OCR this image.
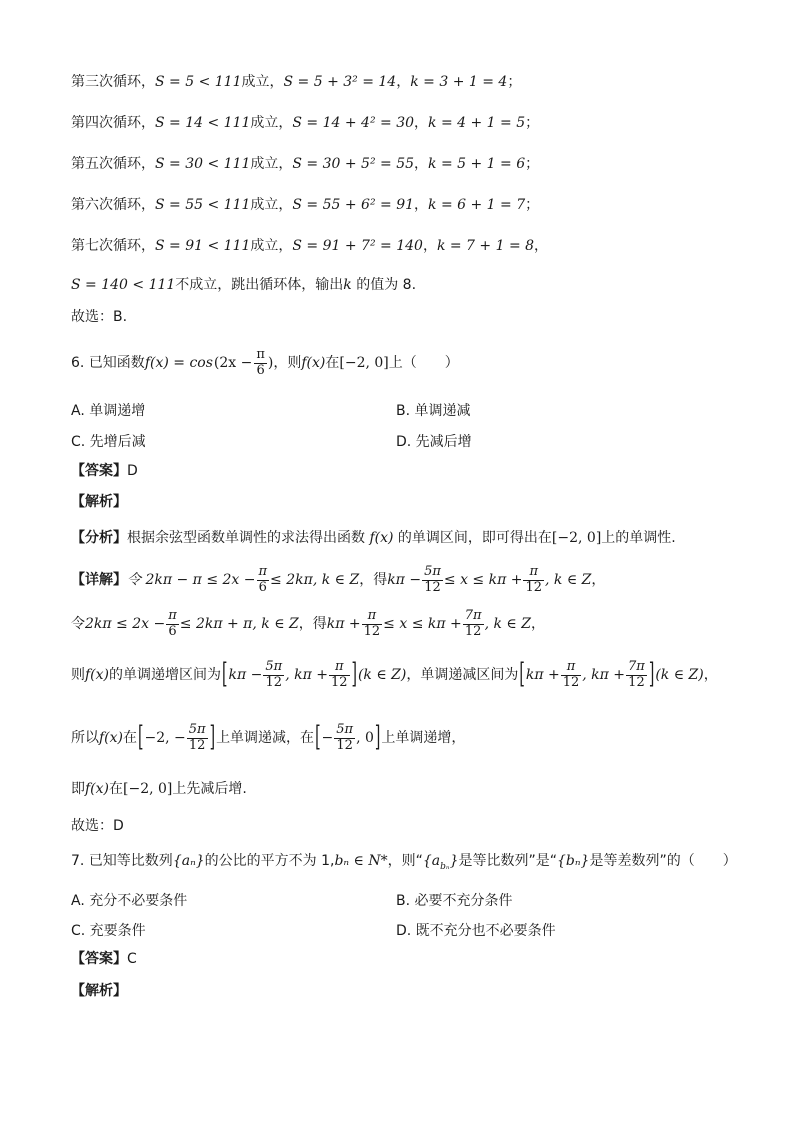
第三次循环，S = 5 < 111成立，S = 5 + 3² = 14，k = 3 + 1 = 4；
第四次循环，S = 14 < 111成立，S = 14 + 4² = 30，k = 4 + 1 = 5；
第五次循环，S = 30 < 111成立，S = 30 + 5² = 55，k = 5 + 1 = 6；
第六次循环，S = 55 < 111成立，S = 55 + 6² = 91，k = 6 + 1 = 7；
第七次循环，S = 91 < 111成立，S = 91 + 7² = 140，k = 7 + 1 = 8，
S = 140 < 111不成立，跳出循环体，输出k 的值为 8.
故选：B.
6. 已知函数$f(x) = \cos(2x - \frac{\pi}{6}$ )，则f(x)在[−2, 0]上（　　）
A. 单调递增	B. 单调递减
C. 先增后减	D. 先减后增
【答案】D
【解析】
【分析】根据余弦型函数单调性的求法得出函数 f(x) 的单调区间，即可得出在[−2, 0]上的单调性.
【详解】令 $2k\pi - \pi \le 2x - \frac{\pi}{6} \le 2k\pi$, k ∈ Z，得$k\pi - \frac{5\pi}{12} \le x \le k\pi + \frac{\pi}{12}$ , k ∈ Z，
令$2k\pi \le 2x - \frac{\pi}{6} \le 2k\pi + \pi$, k ∈ Z，得$k\pi + \frac{\pi}{12} \le x \le k\pi + \frac{7\pi}{12}$ , k ∈ Z，
则f(x)的单调递增区间为[$k\pi - \frac{5\pi}{12}$ , $k\pi + \frac{\pi}{12} ](k$ ∈ Z)，单调递减区间为[$k\pi + \frac{\pi}{12}$ , $k\pi + \frac{7\pi}{12} ](k$ ∈ Z)，
所以f(x)在[−2, − $\frac{5\pi}{12}$ ]上单调递减，在[− $\frac{5\pi}{12}$ , 0]上单调递增，
即f(x)在[−2, 0]上先减后增.
故选：D
7. 已知等比数列{aₙ}的公比的平方不为 1,bₙ ∈ N*，则“$\{a_{b_n}\}$是等比数列”是“{bₙ}是等差数列”的（　　）
A. 充分不必要条件	B. 必要不充分条件
C. 充要条件	D. 既不充分也不必要条件
【答案】C
【解析】
